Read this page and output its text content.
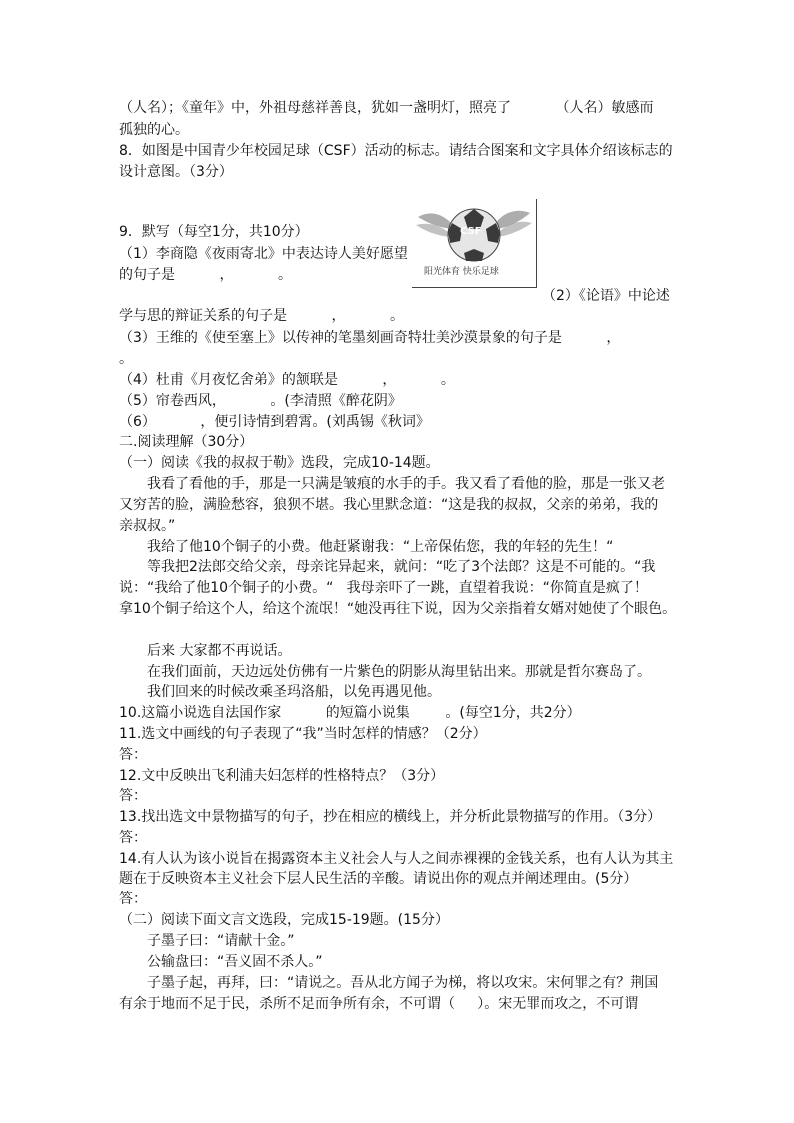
（人名）；《童年》中，外祖母慈祥善良，犹如一盏明灯，照亮了          （人名）敏感而
孤独的心。
8．如图是中国青少年校园足球（CSF）活动的标志。请结合图案和文字具体介绍该标志的
设计意图。（3分）
9．默写（每空1分，共10分）
（1）李商隐《夜雨寄北》中表达诗人美好愿望
的句子是          ，          。
CSF
阳光体育 快乐足球
（2）《论语》中论述
学与思的辩证关系的句子是          ，          。
（3）王维的《使至塞上》以传神的笔墨刻画奇特壮美沙漠景象的句子是          ，
。
（4）杜甫《月夜忆舍弟》的颔联是          ，          。
（5）帘卷西风，          。(李清照《醉花阴》
（6）          ，便引诗情到碧霄。(刘禹锡《秋词》
二.阅读理解（30分）
（一）阅读《我的叔叔于勒》选段，完成10-14题。
我看了看他的手，那是一只满是皱痕的水手的手。我又看了看他的脸，那是一张又老
又穷苦的脸，满脸愁容，狼狈不堪。我心里默念道：“这是我的叔叔，父亲的弟弟，我的
亲叔叔。”
我给了他10个铜子的小费。他赶紧谢我：“上帝保佑您，我的年轻的先生！“
等我把2法郎交给父亲，母亲诧异起来，就问：“吃了3个法郎？这是不可能的。“我
说：“我给了他10个铜子的小费。“   我母亲吓了一跳，直望着我说：“你简直是疯了！
拿10个铜子给这个人，给这个流氓！“她没再往下说，因为父亲指着女婿对她使了个眼色。
后来 大家都不再说话。
在我们面前，天边远处仿佛有一片紫色的阴影从海里钻出来。那就是哲尔赛岛了。
我们回来的时候改乘圣玛洛船，以免再遇见他。
10.这篇小说选自法国作家          的短篇小说集        。(每空1分，共2分）
11.选文中画线的句子表现了“我”当时怎样的情感？（2分）
答：
12.文中反映出飞利浦夫妇怎样的性格特点？（3分）
答：
13.找出选文中景物描写的句子，抄在相应的横线上，并分析此景物描写的作用。（3分）
答：
14.有人认为该小说旨在揭露资本主义社会人与人之间赤裸裸的金钱关系，也有人认为其主
题在于反映资本主义社会下层人民生活的辛酸。请说出你的观点并阐述理由。(5分）
答：
（二）阅读下面文言文选段，完成15-19题。(15分）
子墨子曰：“请献十金。”
公输盘曰：“吾义固不杀人。”
子墨子起，再拜，曰：“请说之。吾从北方闻子为梯，将以攻宋。宋何罪之有？荆国
有余于地而不足于民，杀所不足而争所有余，不可谓（     ）。宋无罪而攻之，不可谓
